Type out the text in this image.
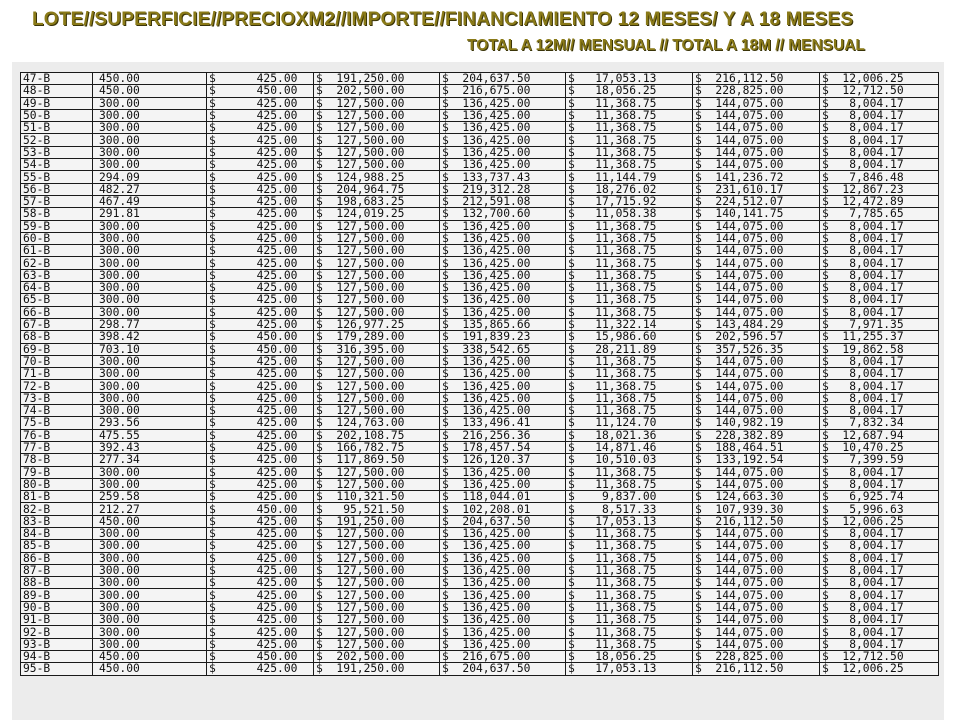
LOTE//SUPERFICIE//PRECIOXM2//IMPORTE//FINANCIAMIENTO 12 MESES/ Y A 18 MESES
TOTAL A 12M// MENSUAL // TOTAL A 18M // MENSUAL
47-B	450.00	$      425.00	$  191,250.00	$  204,637.50	$   17,053.13	$  216,112.50	$  12,006.25
48-B	450.00	$      450.00	$  202,500.00	$  216,675.00	$   18,056.25	$  228,825.00	$  12,712.50
49-B	300.00	$      425.00	$  127,500.00	$  136,425.00	$   11,368.75	$  144,075.00	$   8,004.17
50-B	300.00	$      425.00	$  127,500.00	$  136,425.00	$   11,368.75	$  144,075.00	$   8,004.17
51-B	300.00	$      425.00	$  127,500.00	$  136,425.00	$   11,368.75	$  144,075.00	$   8,004.17
52-B	300.00	$      425.00	$  127,500.00	$  136,425.00	$   11,368.75	$  144,075.00	$   8,004.17
53-B	300.00	$      425.00	$  127,500.00	$  136,425.00	$   11,368.75	$  144,075.00	$   8,004.17
54-B	300.00	$      425.00	$  127,500.00	$  136,425.00	$   11,368.75	$  144,075.00	$   8,004.17
55-B	294.09	$      425.00	$  124,988.25	$  133,737.43	$   11,144.79	$  141,236.72	$   7,846.48
56-B	482.27	$      425.00	$  204,964.75	$  219,312.28	$   18,276.02	$  231,610.17	$  12,867.23
57-B	467.49	$      425.00	$  198,683.25	$  212,591.08	$   17,715.92	$  224,512.07	$  12,472.89
58-B	291.81	$      425.00	$  124,019.25	$  132,700.60	$   11,058.38	$  140,141.75	$   7,785.65
59-B	300.00	$      425.00	$  127,500.00	$  136,425.00	$   11,368.75	$  144,075.00	$   8,004.17
60-B	300.00	$      425.00	$  127,500.00	$  136,425.00	$   11,368.75	$  144,075.00	$   8,004.17
61-B	300.00	$      425.00	$  127,500.00	$  136,425.00	$   11,368.75	$  144,075.00	$   8,004.17
62-B	300.00	$      425.00	$  127,500.00	$  136,425.00	$   11,368.75	$  144,075.00	$   8,004.17
63-B	300.00	$      425.00	$  127,500.00	$  136,425.00	$   11,368.75	$  144,075.00	$   8,004.17
64-B	300.00	$      425.00	$  127,500.00	$  136,425.00	$   11,368.75	$  144,075.00	$   8,004.17
65-B	300.00	$      425.00	$  127,500.00	$  136,425.00	$   11,368.75	$  144,075.00	$   8,004.17
66-B	300.00	$      425.00	$  127,500.00	$  136,425.00	$   11,368.75	$  144,075.00	$   8,004.17
67-B	298.77	$      425.00	$  126,977.25	$  135,865.66	$   11,322.14	$  143,484.29	$   7,971.35
68-B	398.42	$      450.00	$  179,289.00	$  191,839.23	$   15,986.60	$  202,596.57	$  11,255.37
69-B	703.10	$      450.00	$  316,395.00	$  338,542.65	$   28,211.89	$  357,526.35	$  19,862.58
70-B	300.00	$      425.00	$  127,500.00	$  136,425.00	$   11,368.75	$  144,075.00	$   8,004.17
71-B	300.00	$      425.00	$  127,500.00	$  136,425.00	$   11,368.75	$  144,075.00	$   8,004.17
72-B	300.00	$      425.00	$  127,500.00	$  136,425.00	$   11,368.75	$  144,075.00	$   8,004.17
73-B	300.00	$      425.00	$  127,500.00	$  136,425.00	$   11,368.75	$  144,075.00	$   8,004.17
74-B	300.00	$      425.00	$  127,500.00	$  136,425.00	$   11,368.75	$  144,075.00	$   8,004.17
75-B	293.56	$      425.00	$  124,763.00	$  133,496.41	$   11,124.70	$  140,982.19	$   7,832.34
76-B	475.55	$      425.00	$  202,108.75	$  216,256.36	$   18,021.36	$  228,382.89	$  12,687.94
77-B	392.43	$      425.00	$  166,782.75	$  178,457.54	$   14,871.46	$  188,464.51	$  10,470.25
78-B	277.34	$      425.00	$  117,869.50	$  126,120.37	$   10,510.03	$  133,192.54	$   7,399.59
79-B	300.00	$      425.00	$  127,500.00	$  136,425.00	$   11,368.75	$  144,075.00	$   8,004.17
80-B	300.00	$      425.00	$  127,500.00	$  136,425.00	$   11,368.75	$  144,075.00	$   8,004.17
81-B	259.58	$      425.00	$  110,321.50	$  118,044.01	$    9,837.00	$  124,663.30	$   6,925.74
82-B	212.27	$      450.00	$   95,521.50	$  102,208.01	$    8,517.33	$  107,939.30	$   5,996.63
83-B	450.00	$      425.00	$  191,250.00	$  204,637.50	$   17,053.13	$  216,112.50	$  12,006.25
84-B	300.00	$      425.00	$  127,500.00	$  136,425.00	$   11,368.75	$  144,075.00	$   8,004.17
85-B	300.00	$      425.00	$  127,500.00	$  136,425.00	$   11,368.75	$  144,075.00	$   8,004.17
86-B	300.00	$      425.00	$  127,500.00	$  136,425.00	$   11,368.75	$  144,075.00	$   8,004.17
87-B	300.00	$      425.00	$  127,500.00	$  136,425.00	$   11,368.75	$  144,075.00	$   8,004.17
88-B	300.00	$      425.00	$  127,500.00	$  136,425.00	$   11,368.75	$  144,075.00	$   8,004.17
89-B	300.00	$      425.00	$  127,500.00	$  136,425.00	$   11,368.75	$  144,075.00	$   8,004.17
90-B	300.00	$      425.00	$  127,500.00	$  136,425.00	$   11,368.75	$  144,075.00	$   8,004.17
91-B	300.00	$      425.00	$  127,500.00	$  136,425.00	$   11,368.75	$  144,075.00	$   8,004.17
92-B	300.00	$      425.00	$  127,500.00	$  136,425.00	$   11,368.75	$  144,075.00	$   8,004.17
93-B	300.00	$      425.00	$  127,500.00	$  136,425.00	$   11,368.75	$  144,075.00	$   8,004.17
94-B	450.00	$      450.00	$  202,500.00	$  216,675.00	$   18,056.25	$  228,825.00	$  12,712.50
95-B	450.00	$      425.00	$  191,250.00	$  204,637.50	$   17,053.13	$  216,112.50	$  12,006.25
